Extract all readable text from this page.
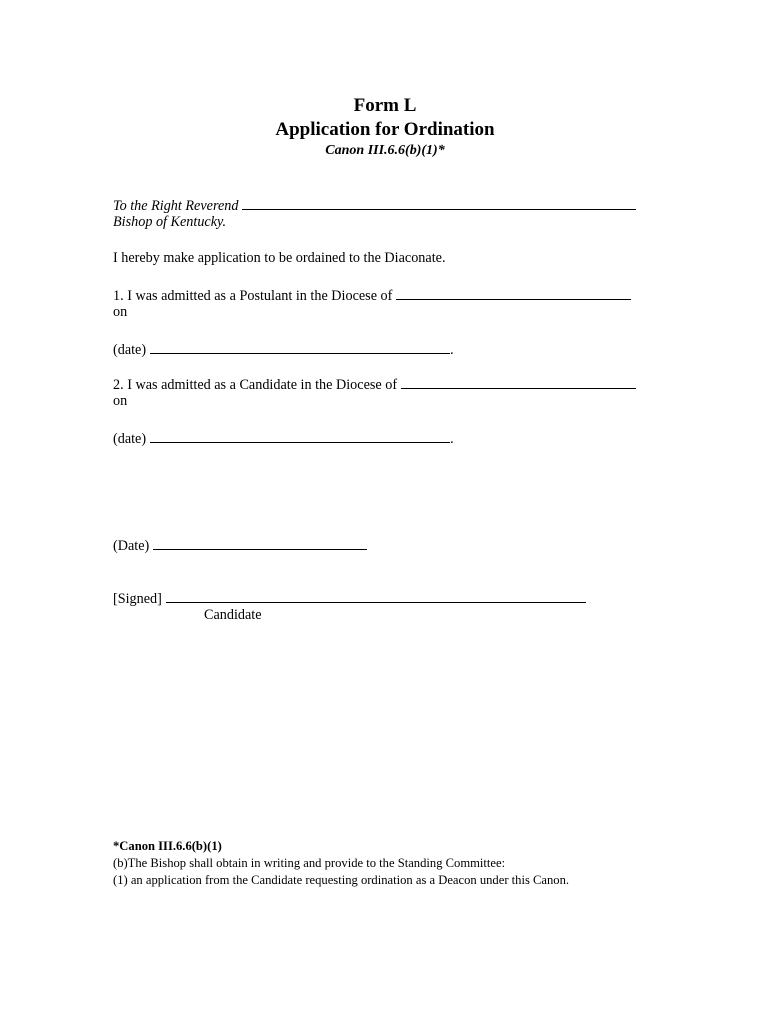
Form L
Application for Ordination
Canon III.6.6(b)(1)*
To the Right Reverend
Bishop of Kentucky.
I hereby make application to be ordained to the Diaconate.
1. I was admitted as a Postulant in the Diocese of
on
(date)	.
2. I was admitted as a Candidate in the Diocese of
on
(date)	.
(Date)
[Signed]
Candidate
*Canon III.6.6(b)(1)
(b)The Bishop shall obtain in writing and provide to the Standing Committee:
(1) an application from the Candidate requesting ordination as a Deacon under this Canon.
